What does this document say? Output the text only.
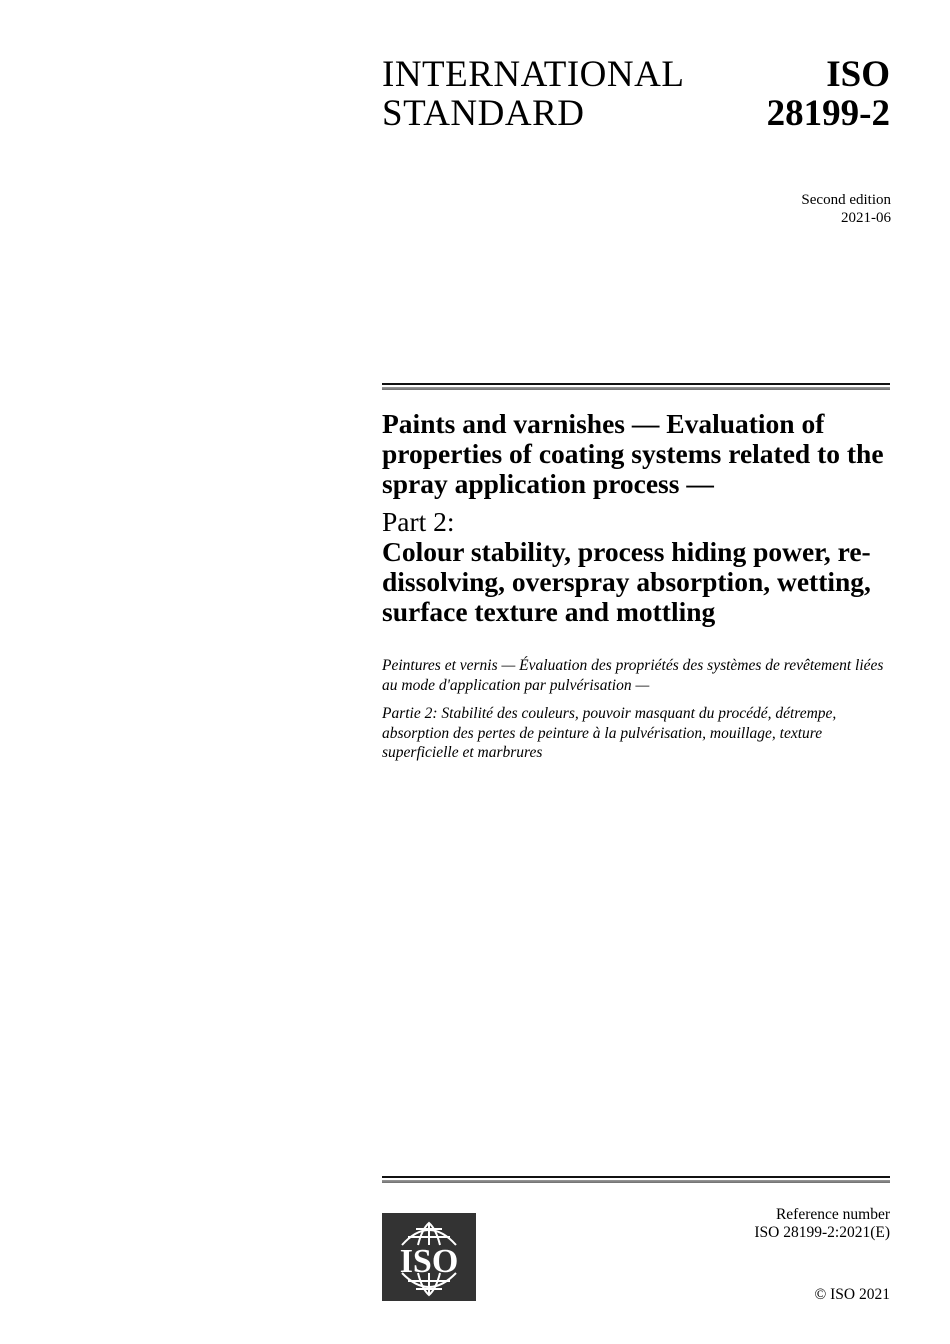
INTERNATIONAL
STANDARD
ISO
28199-2
Second edition
2021-06
Paints and varnishes — Evaluation of properties of coating systems related to the spray application process —
Part 2:
Colour stability, process hiding power, re-dissolving, overspray absorption, wetting, surface texture and mottling

Peintures et vernis — Évaluation des propriétés des systèmes de revêtement liées au mode d'application par pulvérisation —

Partie 2: Stabilité des couleurs, pouvoir masquant du procédé, détrempe, absorption des pertes de peinture à la pulvérisation, mouillage, texture superficielle et marbrures

ISO
Reference number
ISO 28199-2:2021(E)
© ISO 2021
